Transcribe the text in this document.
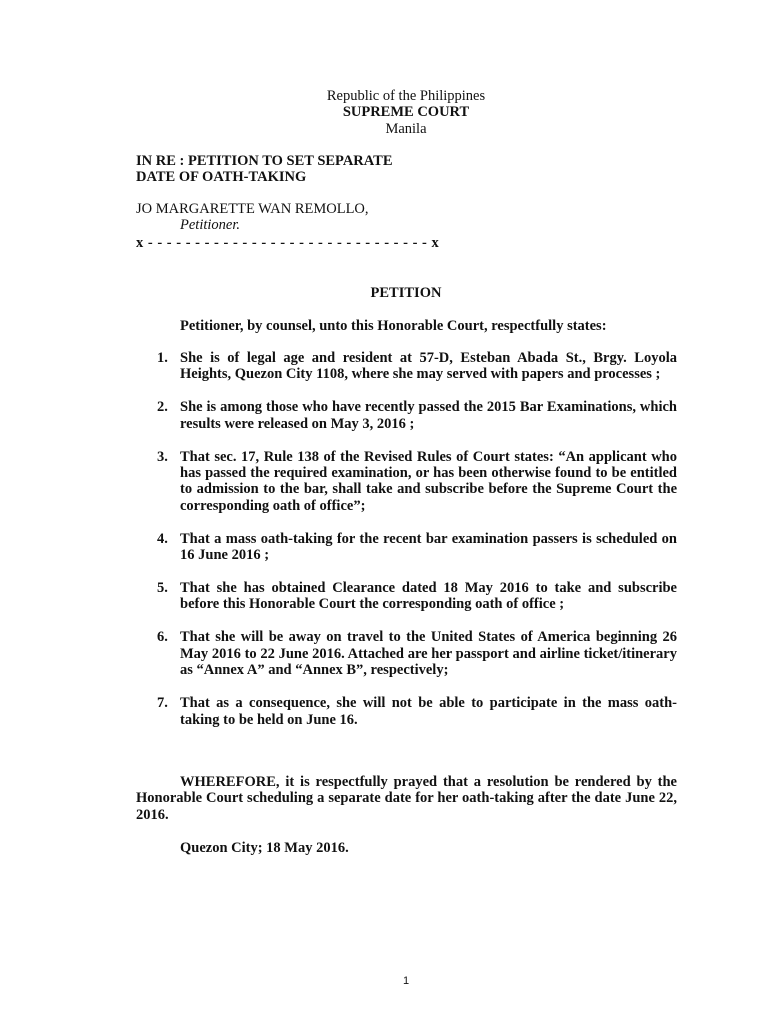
Republic of the Philippines
SUPREME COURT
Manila
IN RE : PETITION TO SET SEPARATE
DATE OF OATH-TAKING
JO MARGARETTE WAN REMOLLO,
Petitioner.
x - - - - - - - - - - - - - - - - - - - - - - - - - - - - - - x
PETITION
Petitioner, by counsel, unto this Honorable Court, respectfully states:
1. She is of legal age and resident at 57-D, Esteban Abada St., Brgy. Loyola Heights, Quezon City 1108, where she may served with papers and processes ;
2. She is among those who have recently passed the 2015 Bar Examinations, which results were released on May 3, 2016 ;
3. That sec. 17, Rule 138 of the Revised Rules of Court states: “An applicant who has passed the required examination, or has been otherwise found to be entitled to admission to the bar, shall take and subscribe before the Supreme Court the corresponding oath of office”;
4. That a mass oath-taking for the recent bar examination passers is scheduled on 16 June 2016 ;
5. That she has obtained Clearance dated 18 May 2016 to take and subscribe before this Honorable Court the corresponding oath of office ;
6. That she will be away on travel to the United States of America beginning 26 May 2016 to 22 June 2016. Attached are her passport and airline ticket/itinerary as “Annex A” and “Annex B”, respectively;
7. That as a consequence, she will not be able to participate in the mass oath-taking to be held on June 16.
WHEREFORE, it is respectfully prayed that a resolution be rendered by the Honorable Court scheduling a separate date for her oath-taking after the date June 22, 2016.
Quezon City; 18 May 2016.
1
